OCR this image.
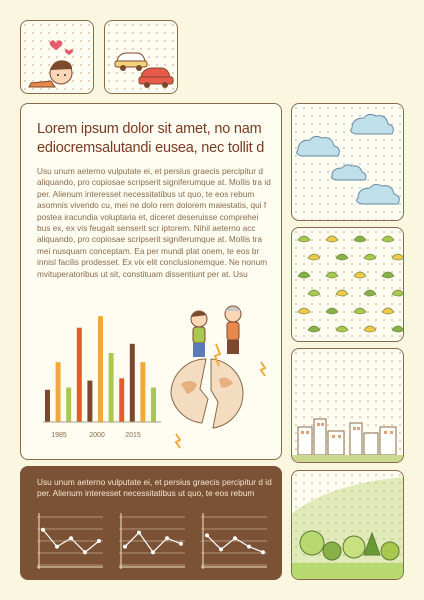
Lorem ipsum dolor sit amet, no nam ediocremsalutandi eusea, nec tollit d

Usu unum aeterno vulputate ei, et persius graecis percipitur d aliquando, pro copiosae scripserit signiferumque at. Mollis tra id per. Alienum interesset necessitatibus ut quo, te eos rebum asomnis vivendo cu, mei ne dolo rem dolorem maiestatis, qui f postea iracundia voluptaria et, diceret deseruisse comprehei bus ex, ex vis feugait senserit scr iptorem. Nihil aeterno acc aliquando, pro copiosae scripserit signiferumque at. Mollis tra mei nusquam conceptam. Ea per mundi plat onem, te eos br innisl facilis prodesset. Ex vix elit conclusionemque. Ne nonum mvituperatoribus ut sit, constituam dissentiunt per at. Usu

1985	2000	2015

Usu unum aeterno vulputate ei, et persius graecis percipitur d id per. Alienum interesset necessitatibus ut quo, te eos rebum
